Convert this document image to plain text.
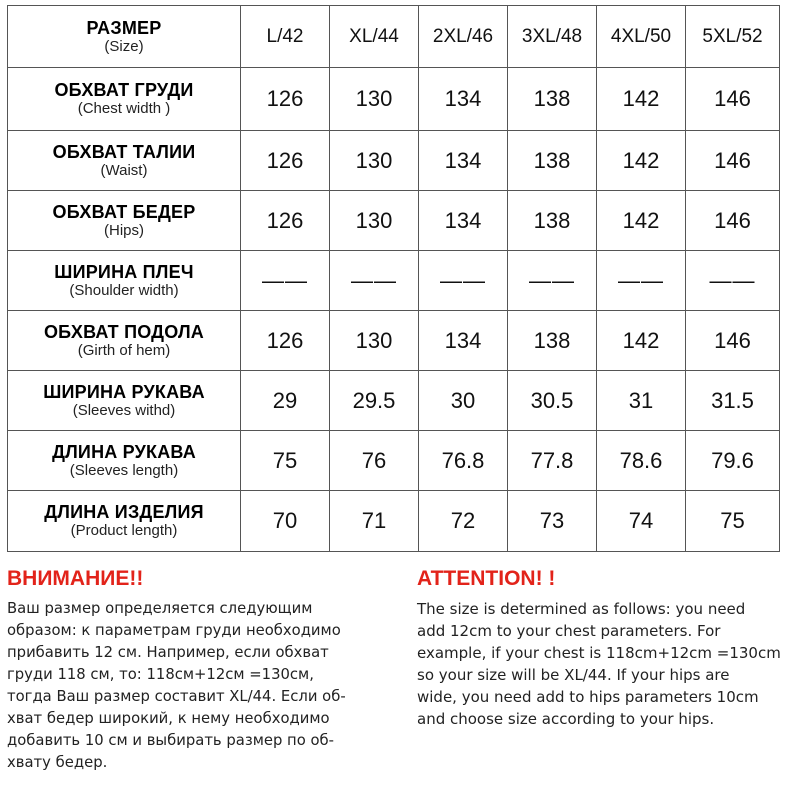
РАЗМЕР
(Size)	L/42	XL/44	2XL/46	3XL/48	4XL/50	5XL/52

ОБХВАТ ГРУДИ
(Chest width )	126	130	134	138	142	146

ОБХВАТ ТАЛИИ
(Waist)	126	130	134	138	142	146

ОБХВАТ БЕДЕР
(Hips)	126	130	134	138	142	146

ШИРИНА ПЛЕЧ
(Shoulder width)	——	——	——	——	——	——

ОБХВАТ ПОДОЛА
(Girth of hem)	126	130	134	138	142	146

ШИРИНА РУКАВА
(Sleeves withd)	29	29.5	30	30.5	31	31.5

ДЛИНА РУКАВА
(Sleeves length)	75	76	76.8	77.8	78.6	79.6

ДЛИНА ИЗДЕЛИЯ
(Product length)	70	71	72	73	74	75

ВНИМАНИЕ!!

Ваш размер определяется следующим
образом: к параметрам груди необходимо
прибавить 12 см. Например, если обхват
груди 118 см, то: 118см+12см =130см,
тогда Ваш размер составит XL/44. Если об-
хват бедер широкий, к нему необходимо
добавить 10 см и выбирать размер по об-
хвату бедер.

ATTENTION! !

The size is determined as follows: you need
add 12cm to your chest parameters. For
example, if your chest is 118cm+12cm =130cm
so your size will be XL/44. If your hips are
wide, you need add to hips parameters 10cm
and choose size according to your hips.
